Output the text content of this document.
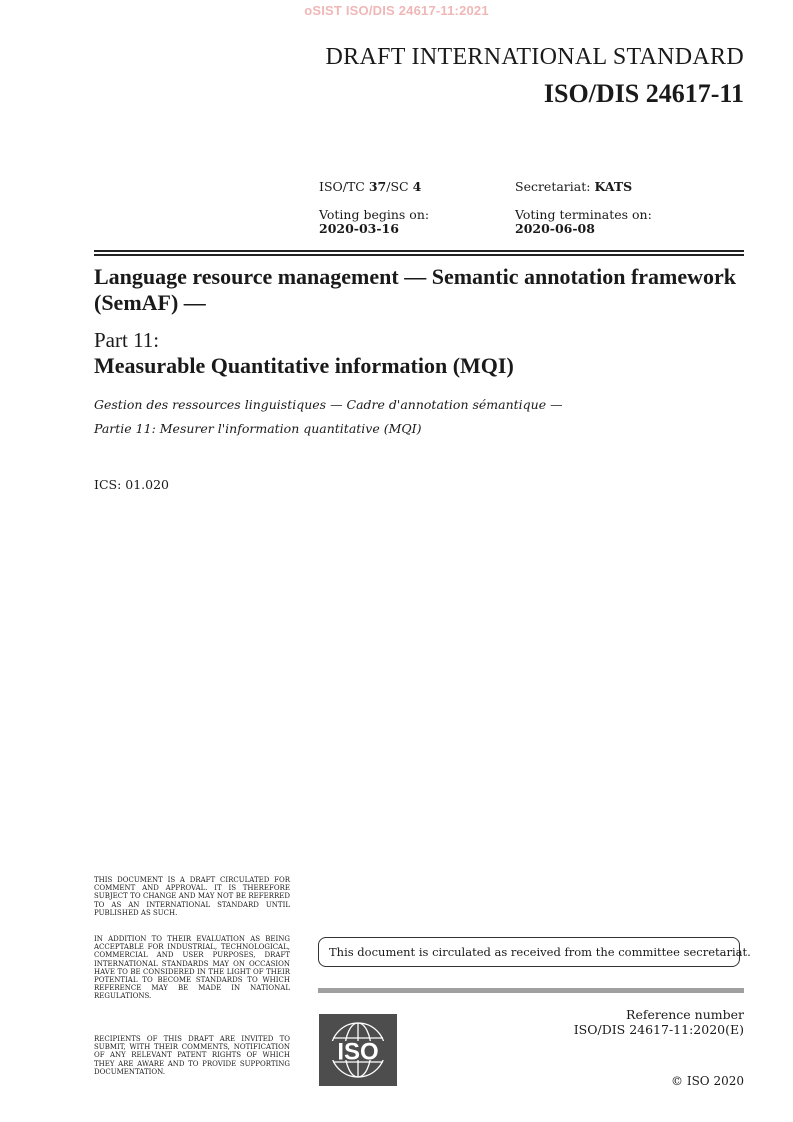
oSIST ISO/DIS 24617-11:2021
DRAFT INTERNATIONAL STANDARD
ISO/DIS 24617-11
ISO/TC 37/SC 4	Secretariat: KATS
Voting begins on:
2020-03-16
Voting terminates on:
2020-06-08
Language resource management — Semantic annotation framework (SemAF) —
Part 11:
Measurable Quantitative information (MQI)
Gestion des ressources linguistiques — Cadre d'annotation sémantique —
Partie 11: Mesurer l'information quantitative (MQI)
ICS: 01.020
THIS DOCUMENT IS A DRAFT CIRCULATED FOR COMMENT AND APPROVAL. IT IS THEREFORE SUBJECT TO CHANGE AND MAY NOT BE REFERRED TO AS AN INTERNATIONAL STANDARD UNTIL PUBLISHED AS SUCH.
IN ADDITION TO THEIR EVALUATION AS BEING ACCEPTABLE FOR INDUSTRIAL, TECHNOLOGICAL, COMMERCIAL AND USER PURPOSES, DRAFT INTERNATIONAL STANDARDS MAY ON OCCASION HAVE TO BE CONSIDERED IN THE LIGHT OF THEIR POTENTIAL TO BECOME STANDARDS TO WHICH REFERENCE MAY BE MADE IN NATIONAL REGULATIONS.
RECIPIENTS OF THIS DRAFT ARE INVITED TO SUBMIT, WITH THEIR COMMENTS, NOTIFICATION OF ANY RELEVANT PATENT RIGHTS OF WHICH THEY ARE AWARE AND TO PROVIDE SUPPORTING DOCUMENTATION.
This document is circulated as received from the committee secretariat.
ISO
Reference number
ISO/DIS 24617-11:2020(E)
© ISO 2020
